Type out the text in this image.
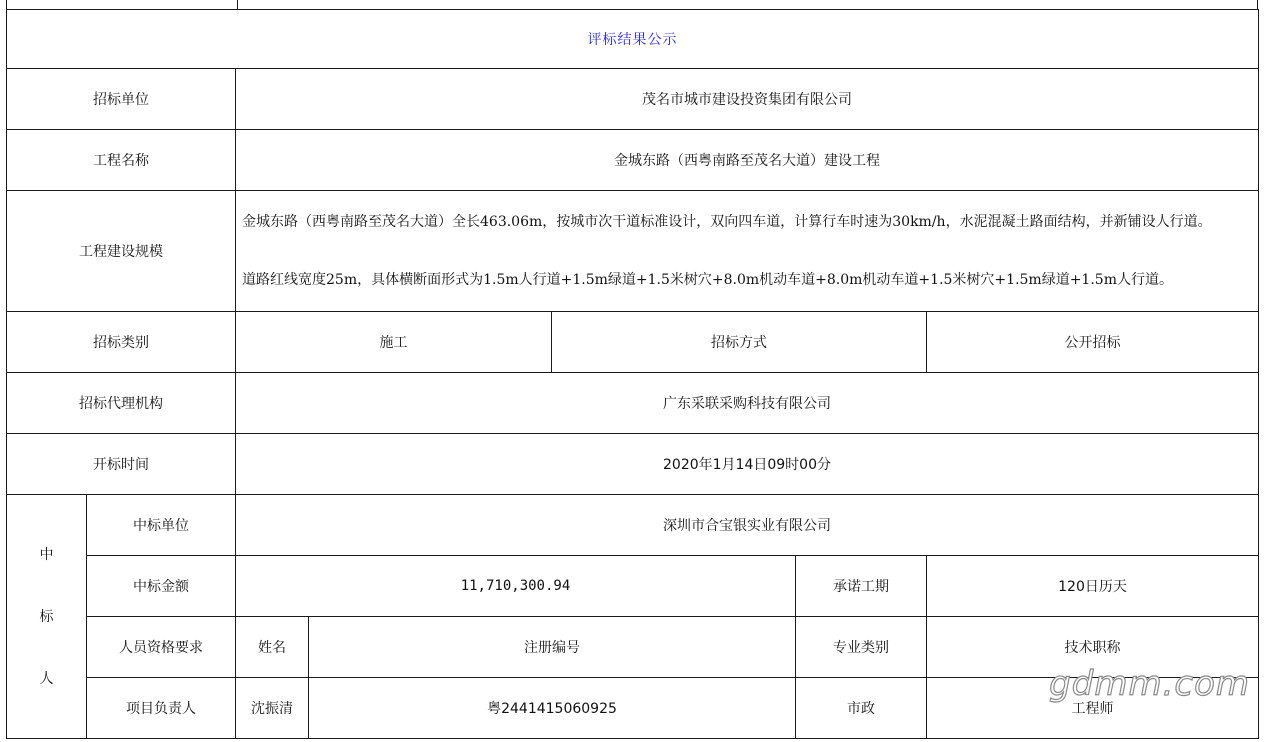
评标结果公示						
招标单位		茂名市城市建设投资集团有限公司				
工程名称		金城东路（西粤南路至茂名大道）建设工程				
工程建设规模		金城东路（西粤南路至茂名大道）全长463.06m，按城市次干道标准设计，双向四车道，计算行车时速为30km/h，水泥混凝土路面结构，并新铺设人行道。

道路红线宽度25m，具体横断面形式为1.5m人行道+1.5m绿道+1.5米树穴+8.0m机动车道+8.0m机动车道+1.5米树穴+1.5m绿道+1.5m人行道。				

招标类别		施工		招标方式		公开招标
招标代理机构		广东采联采购科技有限公司				
开标时间		2020年1月14日09时00分				

中
标
人	中标单位	深圳市合宝银实业有限公司				
	中标金额	11,710,300.94			承诺工期	120日历天
	人员资格要求	姓名	注册编号		专业类别	技术职称
	项目负责人	沈振清	粤2441415060925		市政	工程师
gdmm.com
